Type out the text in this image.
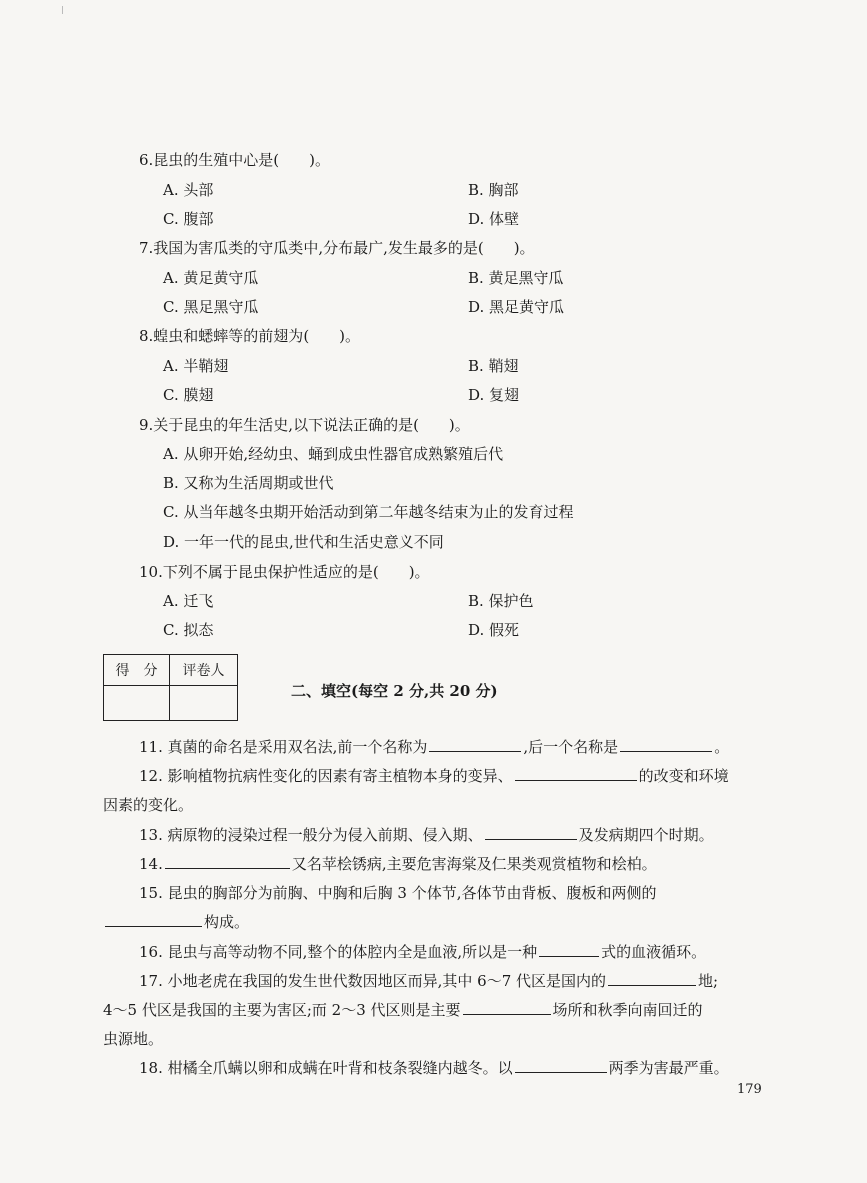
6.昆虫的生殖中心是(　　)。
A. 头部	B. 胸部
C. 腹部	D. 体壁
7.我国为害瓜类的守瓜类中,分布最广,发生最多的是(　　)。
A. 黄足黄守瓜	B. 黄足黑守瓜
C. 黑足黑守瓜	D. 黑足黄守瓜
8.蝗虫和蟋蟀等的前翅为(　　)。
A. 半鞘翅	B. 鞘翅
C. 膜翅	D. 复翅
9.关于昆虫的年生活史,以下说法正确的是(　　)。
A. 从卵开始,经幼虫、蛹到成虫性器官成熟繁殖后代
B. 又称为生活周期或世代
C. 从当年越冬虫期开始活动到第二年越冬结束为止的发育过程
D. 一年一代的昆虫,世代和生活史意义不同
10.下列不属于昆虫保护性适应的是(　　)。
A. 迁飞	B. 保护色
C. 拟态	D. 假死
得　分	评卷人

二、填空(每空 2 分,共 20 分)
11. 真菌的命名是采用双名法,前一个名称为	,后一个名称是	。
12. 影响植物抗病性变化的因素有寄主植物本身的变异、	的改变和环境
因素的变化。
13. 病原物的浸染过程一般分为侵入前期、侵入期、	及发病期四个时期。
14.	又名苹桧锈病,主要危害海棠及仁果类观赏植物和桧柏。
15. 昆虫的胸部分为前胸、中胸和后胸 3 个体节,各体节由背板、腹板和两侧的
构成。
16. 昆虫与高等动物不同,整个的体腔内全是血液,所以是一种	式的血液循环。
17. 小地老虎在我国的发生世代数因地区而异,其中 6～7 代区是国内的	地;
4～5 代区是我国的主要为害区;而 2～3 代区则是主要	场所和秋季向南回迁的
虫源地。
18. 柑橘全爪螨以卵和成螨在叶背和枝条裂缝内越冬。以	两季为害最严重。
179
